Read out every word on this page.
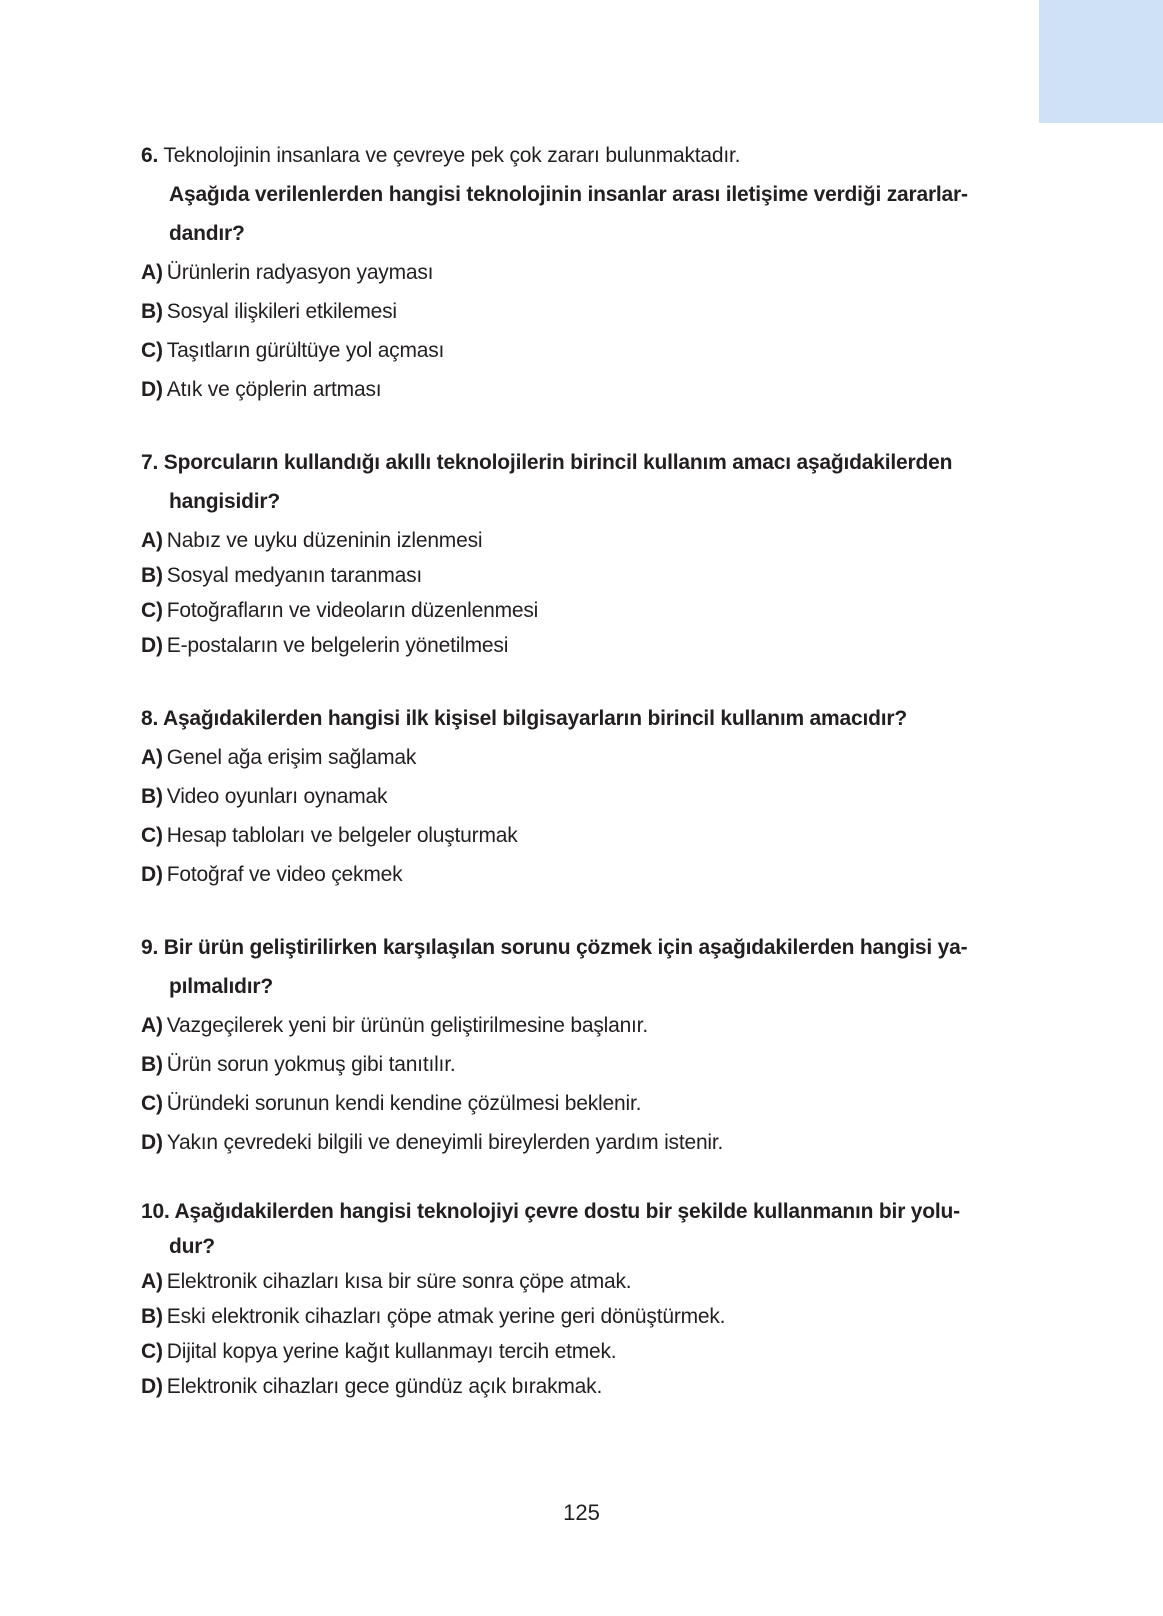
6. Teknolojinin insanlara ve çevreye pek çok zararı bulunmaktadır.
Aşağıda verilenlerden hangisi teknolojinin insanlar arası iletişime verdiği zararlar-
dandır?
A) Ürünlerin radyasyon yayması
B) Sosyal ilişkileri etkilemesi
C) Taşıtların gürültüye yol açması
D) Atık ve çöplerin artması
7. Sporcuların kullandığı akıllı teknolojilerin birincil kullanım amacı aşağıdakilerden
hangisidir?
A) Nabız ve uyku düzeninin izlenmesi
B) Sosyal medyanın taranması
C) Fotoğrafların ve videoların düzenlenmesi
D) E-postaların ve belgelerin yönetilmesi
8. Aşağıdakilerden hangisi ilk kişisel bilgisayarların birincil kullanım amacıdır?
A) Genel ağa erişim sağlamak
B) Video oyunları oynamak
C) Hesap tabloları ve belgeler oluşturmak
D) Fotoğraf ve video çekmek
9. Bir ürün geliştirilirken karşılaşılan sorunu çözmek için aşağıdakilerden hangisi ya-
pılmalıdır?
A) Vazgeçilerek yeni bir ürünün geliştirilmesine başlanır.
B) Ürün sorun yokmuş gibi tanıtılır.
C) Üründeki sorunun kendi kendine çözülmesi beklenir.
D) Yakın çevredeki bilgili ve deneyimli bireylerden yardım istenir.
10. Aşağıdakilerden hangisi teknolojiyi çevre dostu bir şekilde kullanmanın bir yolu-
dur?
A) Elektronik cihazları kısa bir süre sonra çöpe atmak.
B) Eski elektronik cihazları çöpe atmak yerine geri dönüştürmek.
C) Dijital kopya yerine kağıt kullanmayı tercih etmek.
D) Elektronik cihazları gece gündüz açık bırakmak.
125
